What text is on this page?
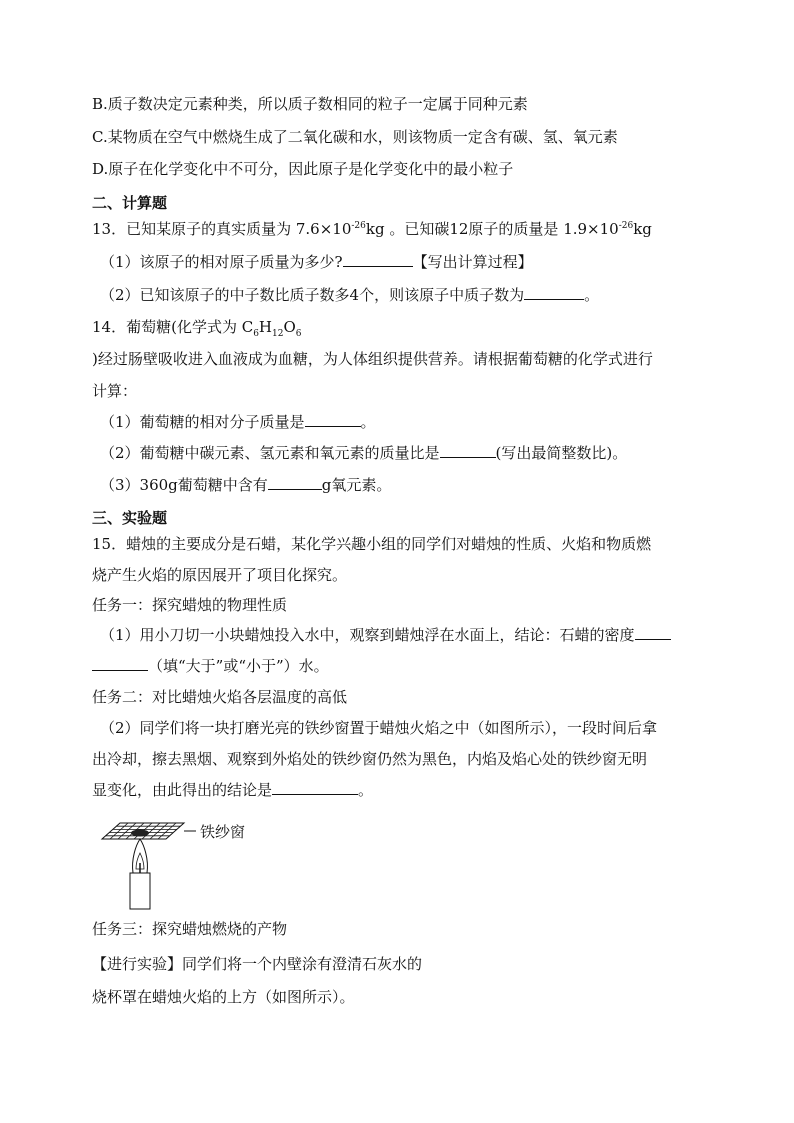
B.质子数决定元素种类，所以质子数相同的粒子一定属于同种元素
C.某物质在空气中燃烧生成了二氧化碳和水，则该物质一定含有碳、氢、氧元素
D.原子在化学变化中不可分，因此原子是化学变化中的最小粒子
二、计算题
13．已知某原子的真实质量为 $7.6\times 10^{-26}kg$ 。已知碳12原子的质量是 $1.9\times 10^{-26}kg$
（1）该原子的相对原子质量为多少?	【写出计算过程】
（2）已知该原子的中子数比质子数多4个，则该原子中质子数为	。
14．葡萄糖(化学式为 $C_6H_{12}O_6$
)经过肠壁吸收进入血液成为血糖，为人体组织提供营养。请根据葡萄糖的化学式进行
计算：
（1）葡萄糖的相对分子质量是	。
（2）葡萄糖中碳元素、氢元素和氧元素的质量比是	(写出最简整数比)。
（3）360g葡萄糖中含有	g氧元素。
三、实验题
15．蜡烛的主要成分是石蜡，某化学兴趣小组的同学们对蜡烛的性质、火焰和物质燃
烧产生火焰的原因展开了项目化探究。
任务一：探究蜡烛的物理性质
（1）用小刀切一小块蜡烛投入水中，观察到蜡烛浮在水面上，结论：石蜡的密度
（填“大于”或“小于”）水。
任务二：对比蜡烛火焰各层温度的高低
（2）同学们将一块打磨光亮的铁纱窗置于蜡烛火焰之中（如图所示），一段时间后拿
出冷却，擦去黑烟、观察到外焰处的铁纱窗仍然为黑色，内焰及焰心处的铁纱窗无明
显变化，由此得出的结论是	。
铁纱窗
任务三：探究蜡烛燃烧的产物
【进行实验】同学们将一个内壁涂有澄清石灰水的
烧杯罩在蜡烛火焰的上方（如图所示）。
